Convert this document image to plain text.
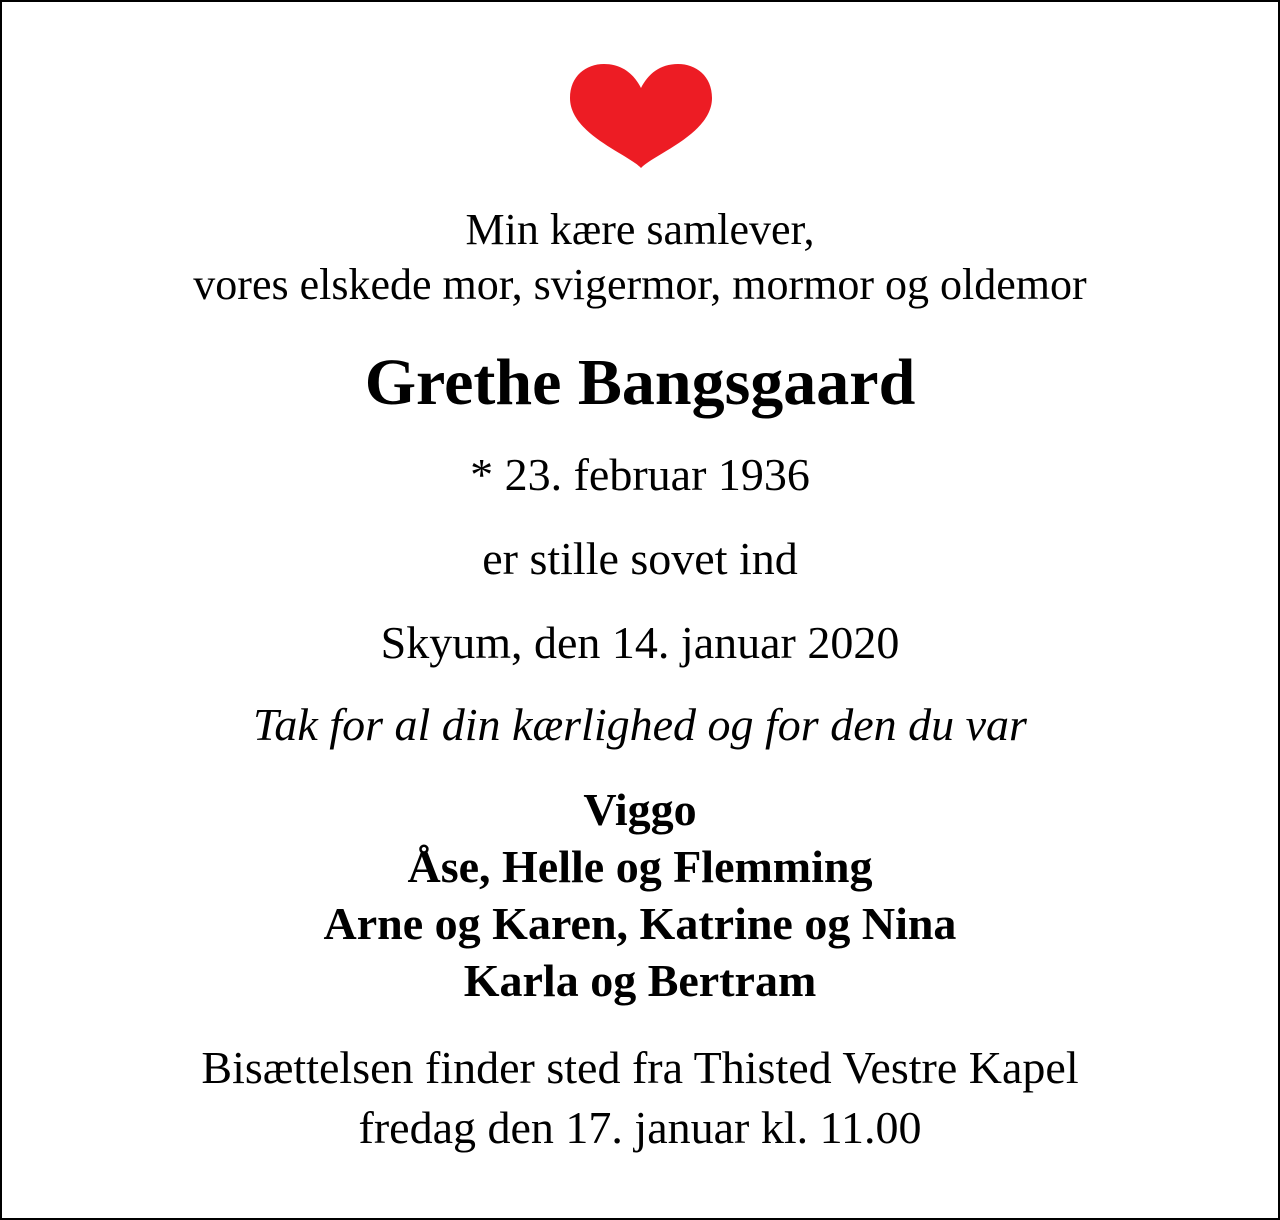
Min kære samlever,
vores elskede mor, svigermor, mormor og oldemor
Grethe Bangsgaard
* 23. februar 1936
er stille sovet ind
Skyum, den 14. januar 2020
Tak for al din kærlighed og for den du var
Viggo
Åse, Helle og Flemming
Arne og Karen, Katrine og Nina
Karla og Bertram
Bisættelsen finder sted fra Thisted Vestre Kapel
fredag den 17. januar kl. 11.00
